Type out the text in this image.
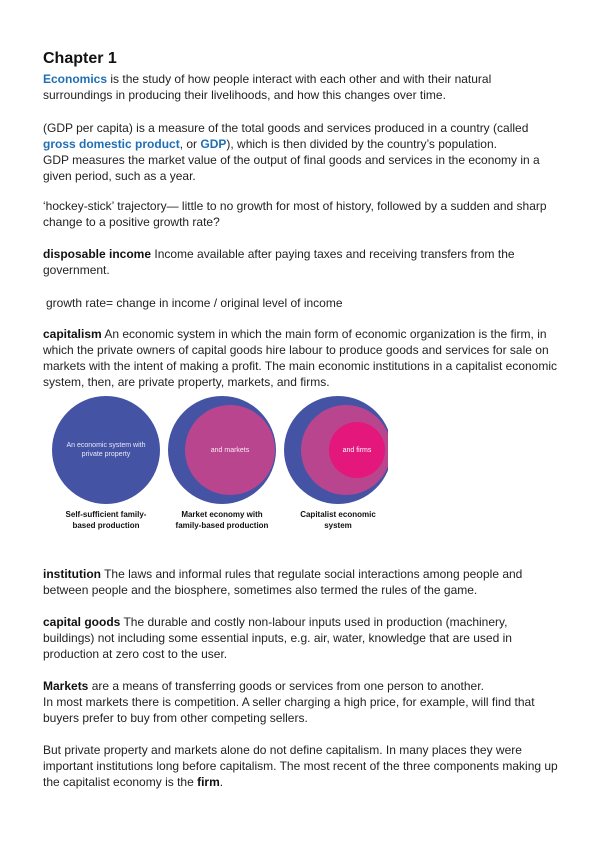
Chapter 1

Economics is the study of how people interact with each other and with their natural surroundings in producing their livelihoods, and how this changes over time.

(GDP per capita) is a measure of the total goods and services produced in a country (called gross domestic product, or GDP), which is then divided by the country’s population.
GDP measures the market value of the output of final goods and services in the economy in a given period, such as a year.

‘hockey-stick’ trajectory— little to no growth for most of history, followed by a sudden and sharp change to a positive growth rate?

disposable income Income available after paying taxes and receiving transfers from the government.

growth rate= change in income / original level of income

capitalism An economic system in which the main form of economic organization is the firm, in which the private owners of capital goods hire labour to produce goods and services for sale on markets with the intent of making a profit. The main economic institutions in a capitalist economic system, then, are private property, markets, and firms.

An economic system with
private property
and markets	and firms
Self-sufficient family-based production
Market economy with family-based production
Capitalist economic system

institution The laws and informal rules that regulate social interactions among people and between people and the biosphere, sometimes also termed the rules of the game.

capital goods The durable and costly non-labour inputs used in production (machinery, buildings) not including some essential inputs, e.g. air, water, knowledge that are used in production at zero cost to the user.

Markets are a means of transferring goods or services from one person to another.
In most markets there is competition. A seller charging a high price, for example, will find that buyers prefer to buy from other competing sellers.

But private property and markets alone do not define capitalism. In many places they were important institutions long before capitalism. The most recent of the three components making up the capitalist economy is the firm.
